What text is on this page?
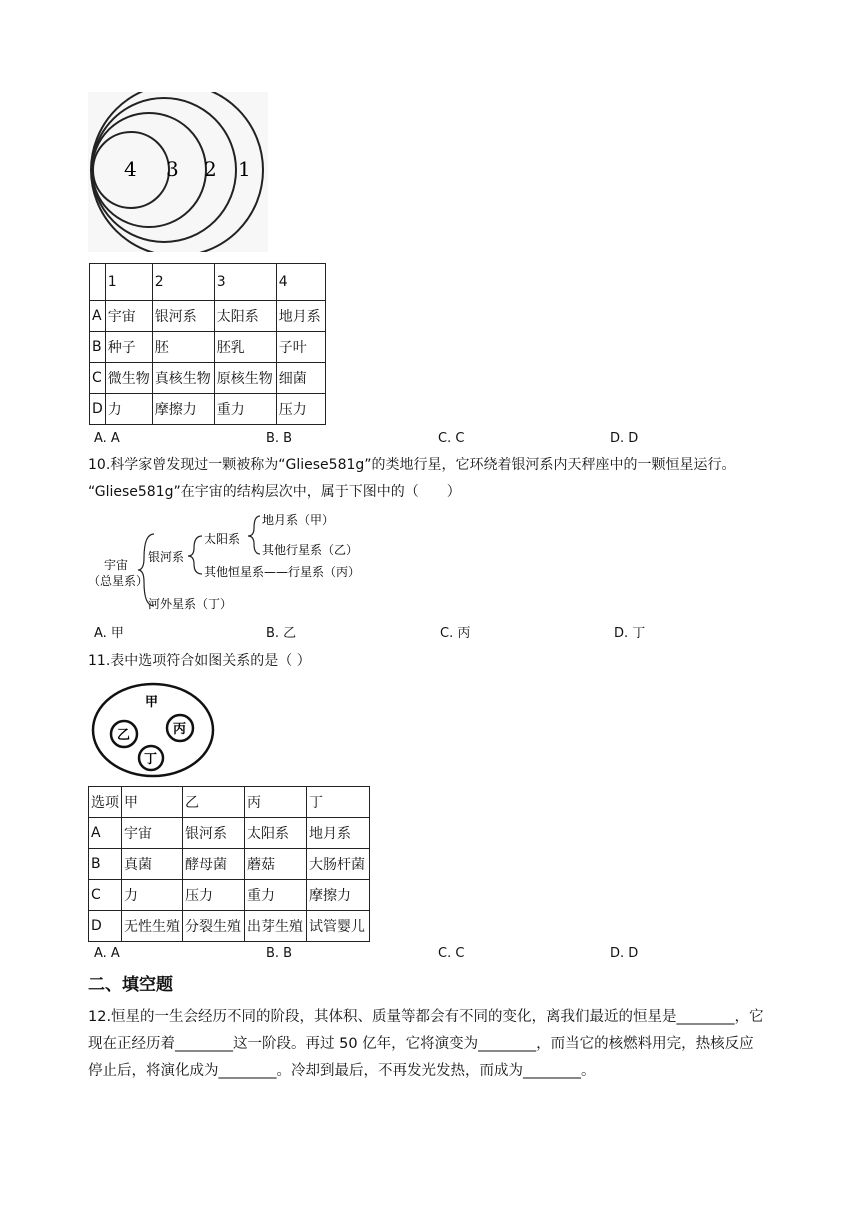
4 3 2 1
	1	2	3	4
A	宇宙	银河系	太阳系	地月系
B	种子	胚	胚乳	子叶
C	微生物	真核生物	原核生物	细菌
D	力	摩擦力	重力	压力
A. A	B. B	C. C	D. D
10.科学家曾发现过一颗被称为“Gliese581g”的类地行星，它环绕着银河系内天秤座中的一颗恒星运行。
“Gliese581g”在宇宙的结构层次中，属于下图中的（　　）
宇宙
（总星系）
银河系
太阳系
地月系（甲）
其他行星系（乙）
其他恒星系——行星系（丙）
河外星系（丁）
A. 甲	B. 乙	C. 丙	D. 丁
11.表中选项符合如图关系的是（ ）
甲
乙	丙
丁
选项	甲	乙	丙	丁
A	宇宙	银河系	太阳系	地月系
B	真菌	酵母菌	蘑菇	大肠杆菌
C	力	压力	重力	摩擦力
D	无性生殖	分裂生殖	出芽生殖	试管婴儿
A. A	B. B	C. C	D. D
二、填空题
12.恒星的一生会经历不同的阶段，其体积、质量等都会有不同的变化，离我们最近的恒星是________，它
现在正经历着________这一阶段。再过 50 亿年，它将演变为________，而当它的核燃料用完，热核反应
停止后，将演化成为________。冷却到最后，不再发光发热，而成为________。
